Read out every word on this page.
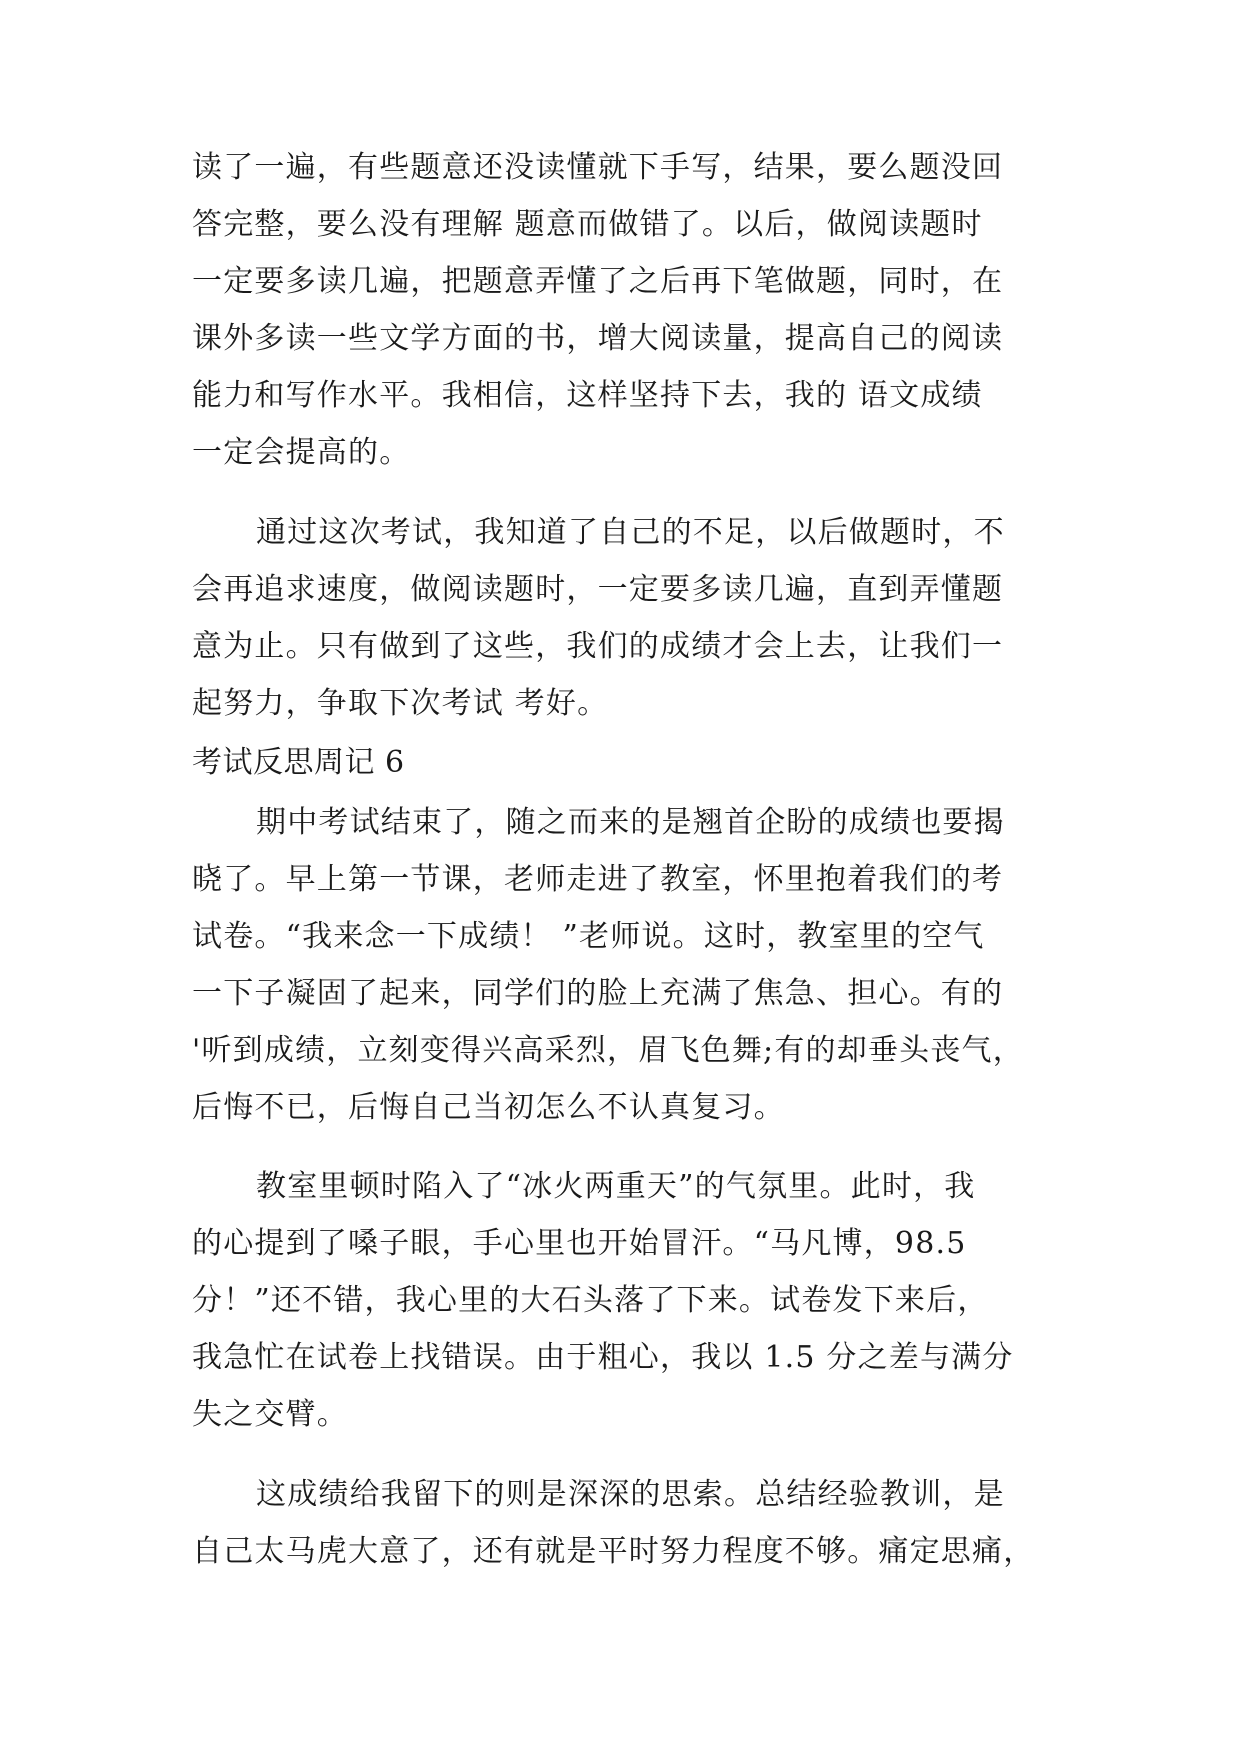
读了一遍，有些题意还没读懂就下手写，结果，要么题没回
答完整，要么没有理解 题意而做错了。以后，做阅读题时
一定要多读几遍，把题意弄懂了之后再下笔做题，同时，在
课外多读一些文学方面的书，增大阅读量，提高自己的阅读
能力和写作水平。我相信，这样坚持下去，我的 语文成绩
一定会提高的。
通过这次考试，我知道了自己的不足，以后做题时，不
会再追求速度，做阅读题时，一定要多读几遍，直到弄懂题
意为止。只有做到了这些，我们的成绩才会上去，让我们一
起努力，争取下次考试 考好。
考试反思周记 6
期中考试结束了，随之而来的是翘首企盼的成绩也要揭
晓了。早上第一节课，老师走进了教室，怀里抱着我们的考
试卷。“我来念一下成绩！ ”老师说。这时，教室里的空气
一下子凝固了起来，同学们的脸上充满了焦急、担心。有的
'听到成绩，立刻变得兴高采烈，眉飞色舞;有的却垂头丧气，
后悔不已，后悔自己当初怎么不认真复习。
教室里顿时陷入了“冰火两重天”的气氛里。此时，我
的心提到了嗓子眼，手心里也开始冒汗。“马凡博，98.5
分！”还不错，我心里的大石头落了下来。试卷发下来后，
我急忙在试卷上找错误。由于粗心，我以 1.5 分之差与满分
失之交臂。
这成绩给我留下的则是深深的思索。总结经验教训，是
自己太马虎大意了，还有就是平时努力程度不够。痛定思痛，
